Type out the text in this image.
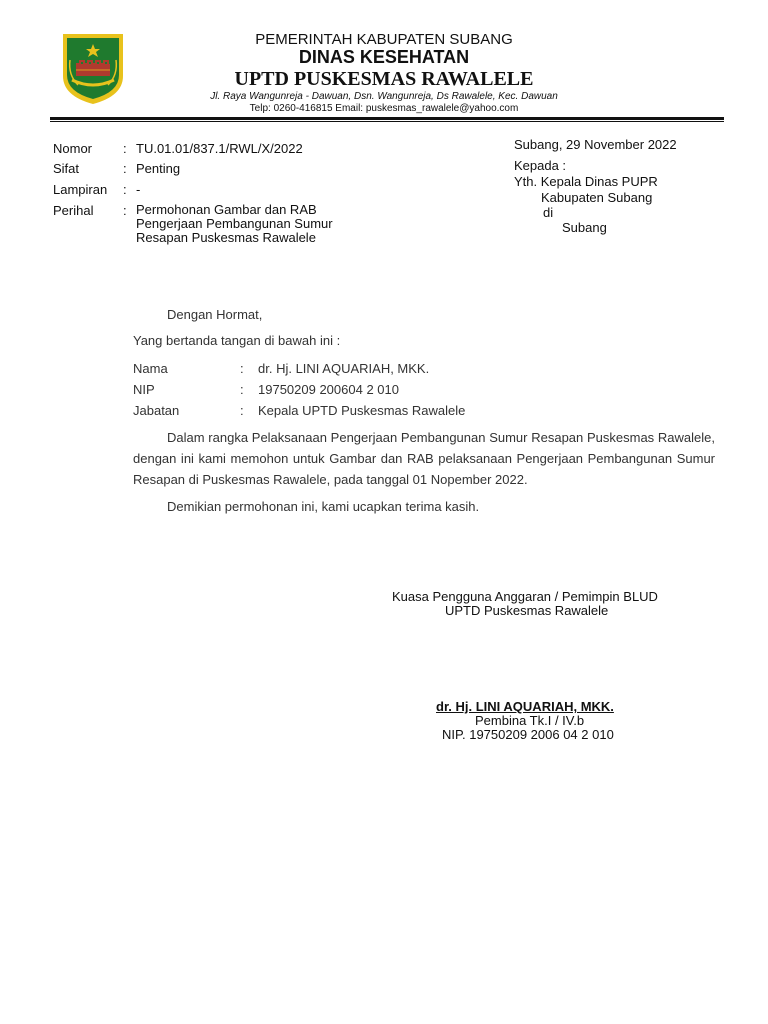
PEMERINTAH KABUPATEN SUBANG
DINAS KESEHATAN
UPTD PUSKESMAS RAWALELE
Jl. Raya Wangunreja - Dawuan, Dsn. Wangunreja, Ds Rawalele, Kec. Dawuan
Telp: 0260-416815 Email: puskesmas_rawalele@yahoo.com
Nomor : TU.01.01/837.1/RWL/X/2022
Sifat	: Penting
Lampiran : -
Perihal : Permohonan Gambar dan RAB
Pengerjaan Pembangunan Sumur
Resapan Puskesmas Rawalele
Subang, 29 November 2022
Kepada :
Yth. Kepala Dinas PUPR
Kabupaten Subang
di
Subang
Dengan Hormat,
Yang bertanda tangan di bawah ini :
Nama	: dr. Hj. LINI AQUARIAH, MKK.
NIP	: 19750209 200604 2 010
Jabatan	: Kepala UPTD Puskesmas Rawalele
Dalam rangka Pelaksanaan Pengerjaan Pembangunan Sumur Resapan Puskesmas Rawalele, dengan ini kami memohon untuk Gambar dan RAB pelaksanaan Pengerjaan Pembangunan Sumur Resapan di Puskesmas Rawalele, pada tanggal 01 Nopember 2022.
Demikian permohonan ini, kami ucapkan terima kasih.
Kuasa Pengguna Anggaran / Pemimpin BLUD
UPTD Puskesmas Rawalele
dr. Hj. LINI AQUARIAH, MKK.
Pembina Tk.I / IV.b
NIP. 19750209 2006 04 2 010
